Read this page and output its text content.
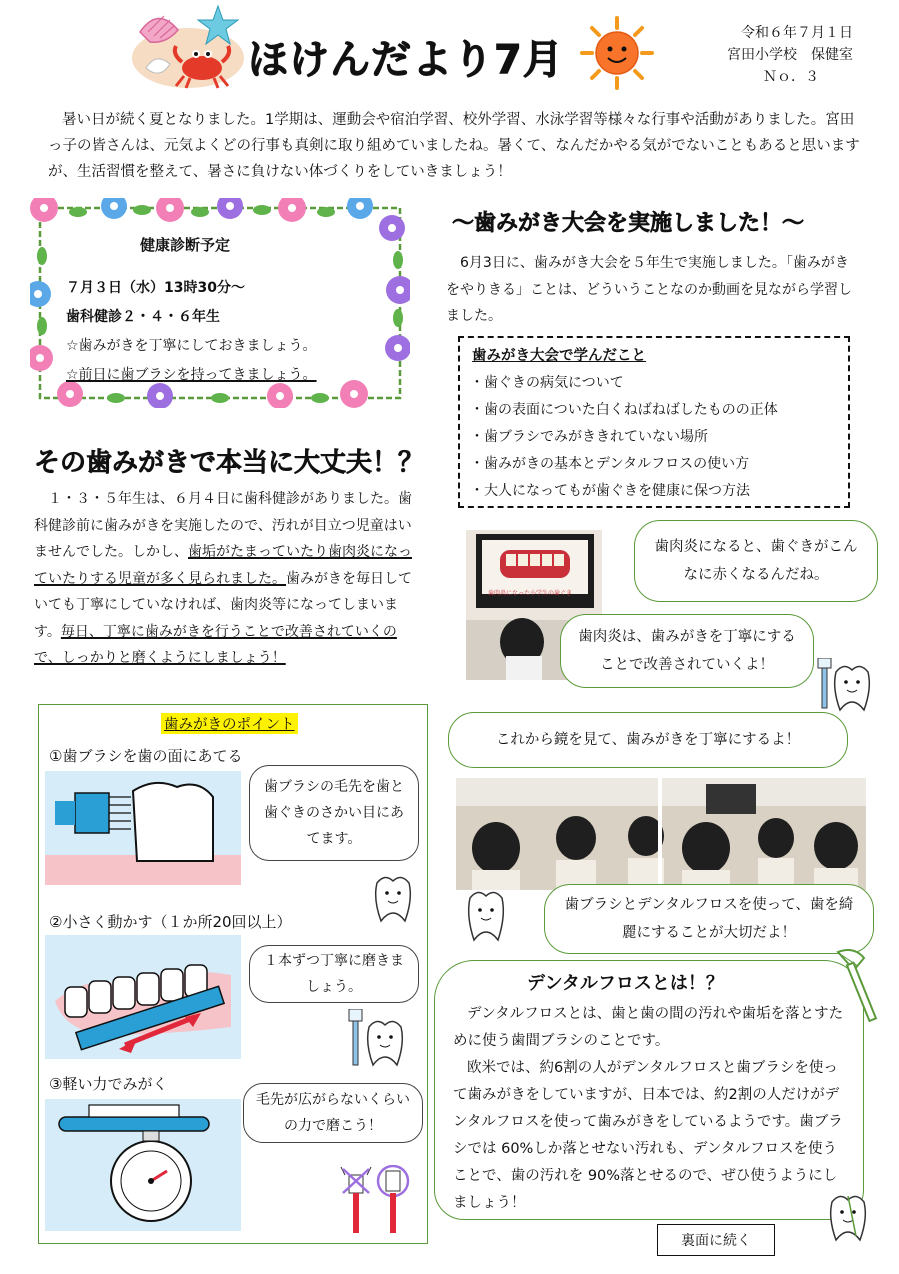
ほけんだより7月
令和６年７月１日
宮田小学校　保健室
Ｎｏ．３
暑い日が続く夏となりました。1学期は、運動会や宿泊学習、校外学習、水泳学習等様々な行事や活動がありました。宮田っ子の皆さんは、元気よくどの行事も真剣に取り組めていましたね。暑くて、なんだかやる気がでないこともあると思いますが、生活習慣を整えて、暑さに負けない体づくりをしていきましょう！
健康診断予定
７月３日（水）13時30分〜
歯科健診２・４・６年生
☆歯みがきを丁寧にしておきましょう。
☆前日に歯ブラシを持ってきましょう。
その歯みがきで本当に大丈夫！？
１・３・５年生は、６月４日に歯科健診がありました。歯科健診前に歯みがきを実施したので、汚れが目立つ児童はいませんでした。しかし、歯垢がたまっていたり歯肉炎になっていたりする児童が多く見られました。歯みがきを毎日していても丁寧にしていなければ、歯肉炎等になってしまいます。毎日、丁寧に歯みがきを行うことで改善されていくので、しっかりと磨くようにしましょう！
歯みがきのポイント
①歯ブラシを歯の面にあてる
歯ブラシの毛先を歯と歯ぐきのさかい目にあてます。
②小さく動かす（１か所20回以上）
１本ずつ丁寧に磨きましょう。
③軽い力でみがく
毛先が広がらないくらいの力で磨こう！
〜歯みがき大会を実施しました！〜
6月3日に、歯みがき大会を５年生で実施しました。「歯みがきをやりきる」ことは、どういうことなのか動画を見ながら学習しました。
歯みがき大会で学んだこと
・歯ぐきの病気について
・歯の表面についた白くねばねばしたものの正体
・歯ブラシでみがききれていない場所
・歯みがきの基本とデンタルフロスの使い方
・大人になってもが歯ぐきを健康に保つ方法
歯肉炎になった小学生の歯ぐき
歯肉炎になると、歯ぐきがこんなに赤くなるんだね。
歯肉炎は、歯みがきを丁寧にすることで改善されていくよ！
これから鏡を見て、歯みがきを丁寧にするよ！
歯ブラシとデンタルフロスを使って、歯を綺麗にすることが大切だよ！
デンタルフロスとは！？
デンタルフロスとは、歯と歯の間の汚れや歯垢を落とすために使う歯間ブラシのことです。
欧米では、約6割の人がデンタルフロスと歯ブラシを使って歯みがきをしていますが、日本では、約2割の人だけがデンタルフロスを使って歯みがきをしているようです。歯ブラシでは 60%しか落とせない汚れも、デンタルフロスを使うことで、歯の汚れを 90%落とせるので、ぜひ使うようにしましょう！
裏面に続く
